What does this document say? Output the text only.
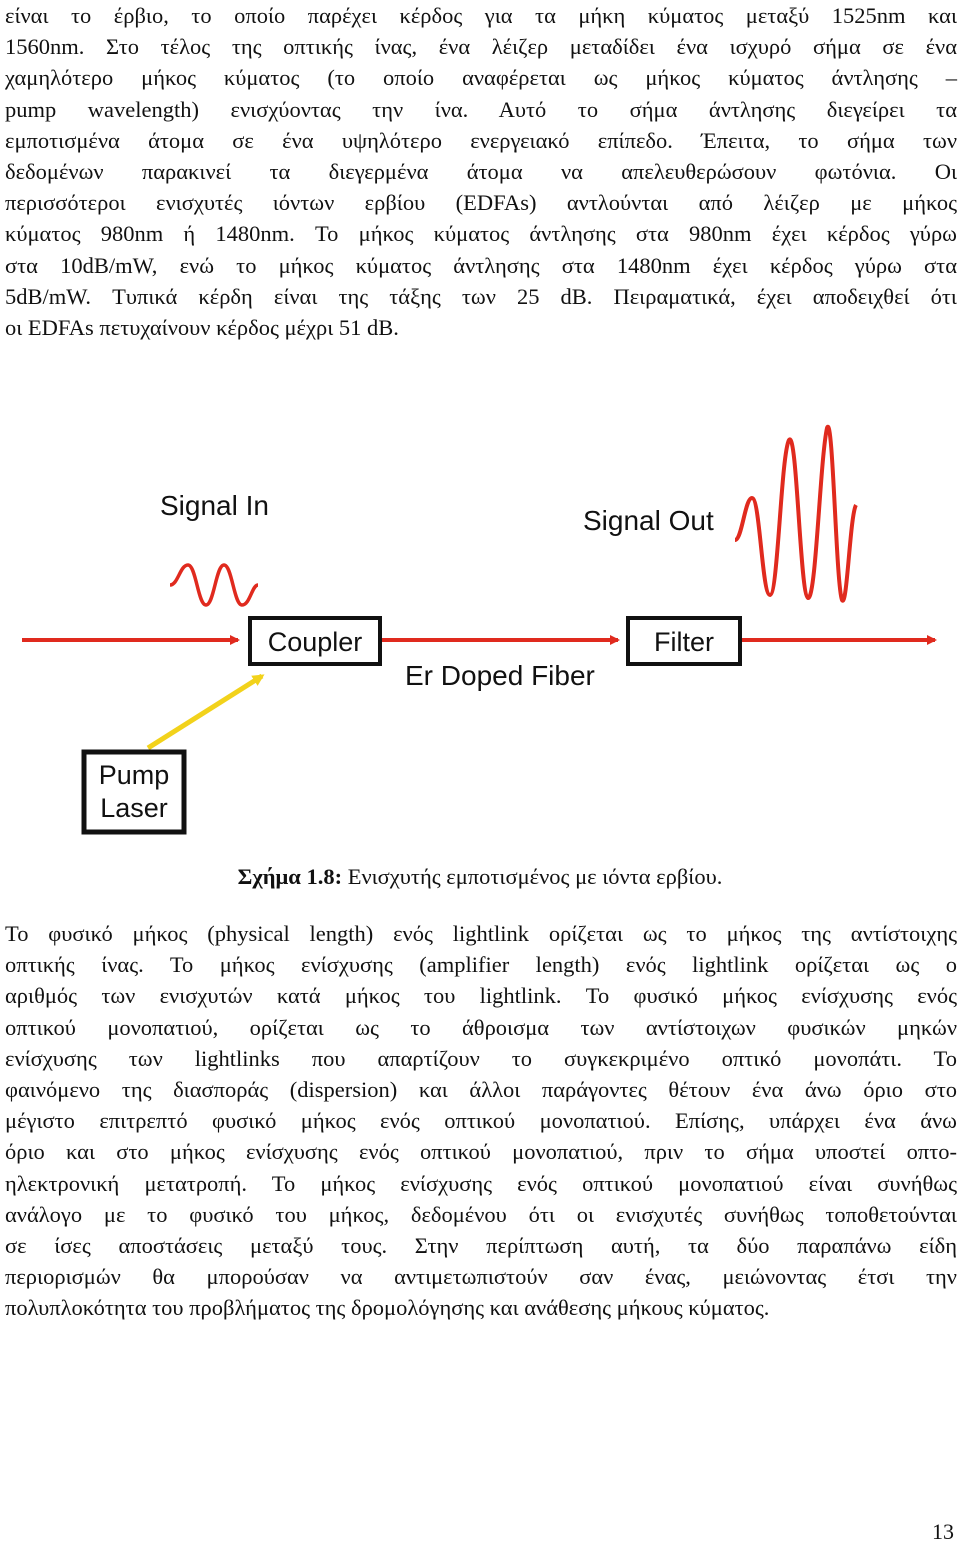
είναι το έρβιο, το οποίο παρέχει κέρδος για τα μήκη κύματος μεταξύ 1525nm και
1560nm. Στο τέλος της οπτικής ίνας, ένα λέιζερ μεταδίδει ένα ισχυρό σήμα σε ένα
χαμηλότερο μήκος κύματος (το οποίο αναφέρεται ως μήκος κύματος άντλησης –
pump wavelength) ενισχύοντας την ίνα. Αυτό το σήμα άντλησης διεγείρει τα
εμποτισμένα άτομα σε ένα υψηλότερο ενεργειακό επίπεδο. Έπειτα, το σήμα των
δεδομένων παρακινεί τα διεγερμένα άτομα να απελευθερώσουν φωτόνια. Οι
περισσότεροι ενισχυτές ιόντων ερβίου (EDFAs) αντλούνται από λέιζερ με μήκος
κύματος 980nm ή 1480nm. Το μήκος κύματος άντλησης στα 980nm έχει κέρδος γύρω
στα 10dB/mW, ενώ το μήκος κύματος άντλησης στα 1480nm έχει κέρδος γύρω στα
5dB/mW. Τυπικά κέρδη είναι της τάξης των 25 dB. Πειραματικά, έχει αποδειχθεί ότι
οι EDFAs πετυχαίνουν κέρδος μέχρι 51 dB.
Signal In	Signal Out
Coupler	Filter
Er Doped Fiber
Pump
Laser
Σχήμα 1.8: Ενισχυτής εμποτισμένος με ιόντα ερβίου.
Το φυσικό μήκος (physical length) ενός lightlink ορίζεται ως το μήκος της αντίστοιχης
οπτικής ίνας. Το μήκος ενίσχυσης (amplifier length) ενός lightlink ορίζεται ως ο
αριθμός των ενισχυτών κατά μήκος του lightlink. Το φυσικό μήκος ενίσχυσης ενός
οπτικού μονοπατιού, ορίζεται ως το άθροισμα των αντίστοιχων φυσικών μηκών
ενίσχυσης των lightlinks που απαρτίζουν το συγκεκριμένο οπτικό μονοπάτι. Το
φαινόμενο της διασποράς (dispersion) και άλλοι παράγοντες θέτουν ένα άνω όριο στο
μέγιστο επιτρεπτό φυσικό μήκος ενός οπτικού μονοπατιού. Επίσης, υπάρχει ένα άνω
όριο και στο μήκος ενίσχυσης ενός οπτικού μονοπατιού, πριν το σήμα υποστεί οπτο-
ηλεκτρονική μετατροπή. Το μήκος ενίσχυσης ενός οπτικού μονοπατιού είναι συνήθως
ανάλογο με το φυσικό του μήκος, δεδομένου ότι οι ενισχυτές συνήθως τοποθετούνται
σε ίσες αποστάσεις μεταξύ τους. Στην περίπτωση αυτή, τα δύο παραπάνω είδη
περιορισμών θα μπορούσαν να αντιμετωπιστούν σαν ένας, μειώνοντας έτσι την
πολυπλοκότητα του προβλήματος της δρομολόγησης και ανάθεσης μήκους κύματος.
13
